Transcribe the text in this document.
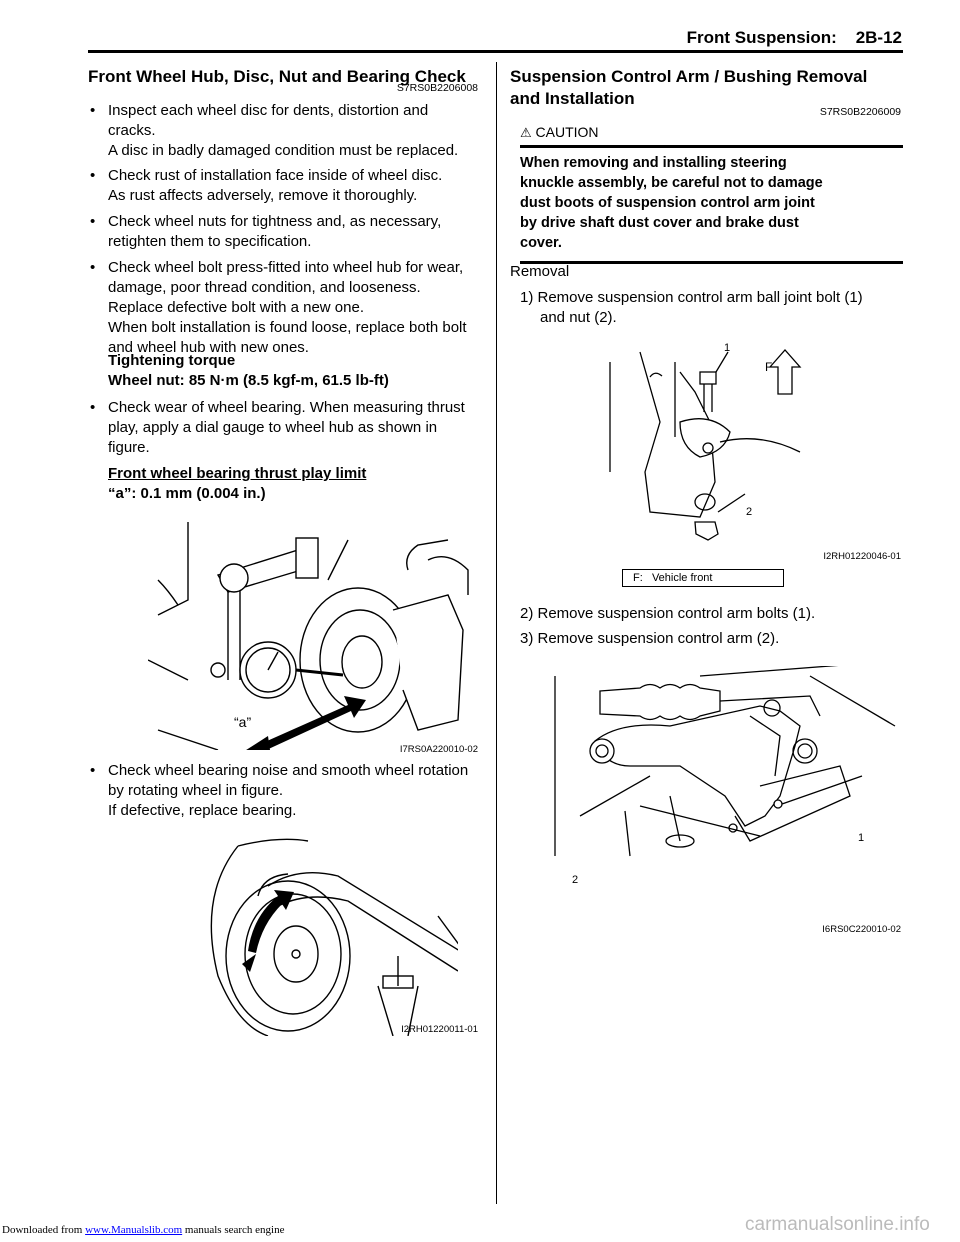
Front Suspension:    2B-12
Front Wheel Hub, Disc, Nut and Bearing Check
S7RS0B2206008
• Inspect each wheel disc for dents, distortion and
cracks.
A disc in badly damaged condition must be replaced.
• Check rust of installation face inside of wheel disc.
As rust affects adversely, remove it thoroughly.
• Check wheel nuts for tightness and, as necessary,
retighten them to specification.
• Check wheel bolt press-fitted into wheel hub for wear,
damage, poor thread condition, and looseness.
Replace defective bolt with a new one.
When bolt installation is found loose, replace both bolt
and wheel hub with new ones.
Tightening torque
Wheel nut: 85 N·m (8.5 kgf-m, 61.5 lb-ft)
• Check wear of wheel bearing. When measuring thrust
play, apply a dial gauge to wheel hub as shown in
figure.
Front wheel bearing thrust play limit
“a”: 0.1 mm (0.004 in.)
“a”
I7RS0A220010-02
• Check wheel bearing noise and smooth wheel rotation
by rotating wheel in figure.
If defective, replace bearing.
I2RH01220011-01
Suspension Control Arm / Bushing Removal
and Installation
S7RS0B2206009
⚠ CAUTION
When removing and installing steering
knuckle assembly, be careful not to damage
dust boots of suspension control arm joint
by drive shaft dust cover and brake dust
cover.
Removal
1) Remove suspension control arm ball joint bolt (1)
and nut (2).
1
F
2
I2RH01220046-01
F:   Vehicle front
2) Remove suspension control arm bolts (1).
3) Remove suspension control arm (2).
1
2
I6RS0C220010-02
Downloaded from www.Manualslib.com manuals search engine	carmanualsonline.info
